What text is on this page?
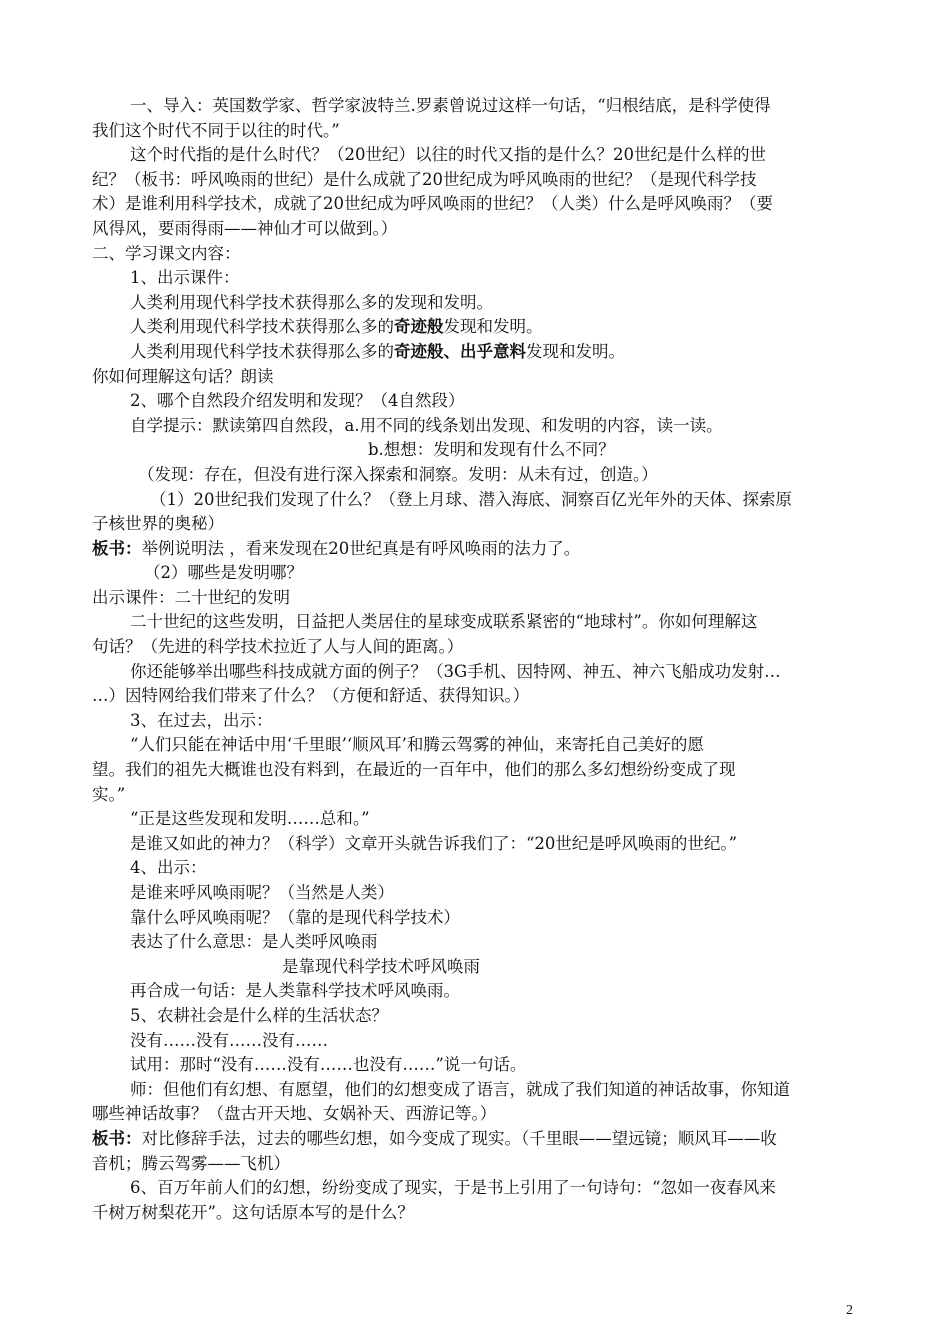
一、导入：英国数学家、哲学家波特兰.罗素曾说过这样一句话，“归根结底，是科学使得
我们这个时代不同于以往的时代。”
这个时代指的是什么时代？（20世纪）以往的时代又指的是什么？20世纪是什么样的世
纪？（板书：呼风唤雨的世纪）是什么成就了20世纪成为呼风唤雨的世纪？（是现代科学技
术）是谁利用科学技术，成就了20世纪成为呼风唤雨的世纪？（人类）什么是呼风唤雨？（要
风得风，要雨得雨——神仙才可以做到。）
二、学习课文内容：
1、出示课件：
人类利用现代科学技术获得那么多的发现和发明。
人类利用现代科学技术获得那么多的奇迹般发现和发明。
人类利用现代科学技术获得那么多的奇迹般、出乎意料发现和发明。
你如何理解这句话？朗读
2、哪个自然段介绍发明和发现？（4自然段）
自学提示：默读第四自然段，a.用不同的线条划出发现、和发明的内容，读一读。
b.想想：发明和发现有什么不同？
（发现：存在，但没有进行深入探索和洞察。发明：从未有过，创造。）
（1）20世纪我们发现了什么？（登上月球、潜入海底、洞察百亿光年外的天体、探索原
子核世界的奥秘）
板书：举例说明法 ，看来发现在20世纪真是有呼风唤雨的法力了。
（2）哪些是发明哪？
出示课件：二十世纪的发明
二十世纪的这些发明，日益把人类居住的星球变成联系紧密的“地球村”。你如何理解这
句话？（先进的科学技术拉近了人与人间的距离。）
你还能够举出哪些科技成就方面的例子？（3G手机、因特网、神五、神六飞船成功发射…
…）因特网给我们带来了什么？（方便和舒适、获得知识。）
3、在过去，出示：
“人们只能在神话中用‘千里眼’‘顺风耳’和腾云驾雾的神仙，来寄托自己美好的愿
望。我们的祖先大概谁也没有料到，在最近的一百年中，他们的那么多幻想纷纷变成了现
实。”
“正是这些发现和发明……总和。”
是谁又如此的神力？（科学）文章开头就告诉我们了：“20世纪是呼风唤雨的世纪。”
4、出示：
是谁来呼风唤雨呢？（当然是人类）
靠什么呼风唤雨呢？（靠的是现代科学技术）
表达了什么意思：是人类呼风唤雨
是靠现代科学技术呼风唤雨
再合成一句话：是人类靠科学技术呼风唤雨。
5、农耕社会是什么样的生活状态？
没有……没有……没有……
试用：那时“没有……没有……也没有……”说一句话。
师：但他们有幻想、有愿望，他们的幻想变成了语言，就成了我们知道的神话故事，你知道
哪些神话故事？（盘古开天地、女娲补天、西游记等。）
板书：对比修辞手法，过去的哪些幻想，如今变成了现实。（千里眼——望远镜；顺风耳——收
音机；腾云驾雾——飞机）
6、百万年前人们的幻想，纷纷变成了现实，于是书上引用了一句诗句：“忽如一夜春风来
千树万树梨花开”。这句话原本写的是什么？
2
